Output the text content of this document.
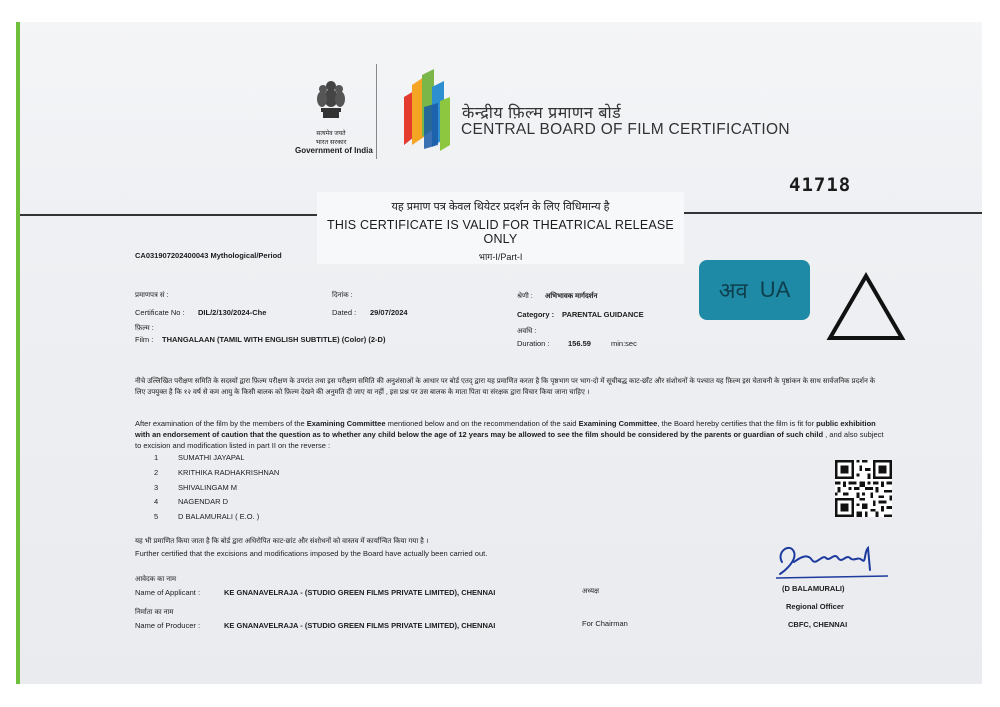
सत्यमेव जयते
भारत सरकार
Government of India
केन्द्रीय फ़िल्म प्रमाणन बोर्ड
CENTRAL BOARD OF FILM CERTIFICATION
41718
यह प्रमाण पत्र केवल थियेटर प्रदर्शन के लिए विधिमान्य है
THIS CERTIFICATE IS VALID FOR THEATRICAL RELEASE ONLY
भाग-I/Part-I
CA031907202400043 Mythological/Period
प्रमाणपत्र सं :
Certificate No : DIL/2/130/2024-Che
दिनांक :
Dated : 29/07/2024
श्रेणी : अभिभावक मार्गदर्शन
Category : PARENTAL GUIDANCE
फ़िल्म :
Film : THANGALAAN (TAMIL WITH ENGLISH SUBTITLE) (Color) (2-D)
अवधि :
Duration : 156.59	min:sec
अव UA
नीचे उल्लिखित परीक्षण समिति के सदस्यों द्वारा फ़िल्म परीक्षण के उपरांत तथा इस परीक्षण समिति की अनुशंसाओं के आधार पर बोर्ड एतद् द्वारा यह प्रमाणित करता है कि पृष्ठभाग पर भाग-दो में सूचीबद्ध काट-छाँट और संशोधनों के पश्चात यह फ़िल्म इस चेतावनी के पृष्ठांकन के साथ सार्वजनिक प्रदर्शन के लिए उपयुक्त है कि १२ वर्ष से कम आयु के किसी बालक को फ़िल्म देखने की अनुमति दी जाए या नहीं , इस प्रश्न पर उस बालक के माता पिता या संरक्षक द्वारा विचार किया जाना चाहिए ।
After examination of the film by the members of the Examining Committee mentioned below and on the recommendation of the said Examining Committee, the Board hereby certifies that the film is fit for public exhibition with an endorsement of caution that the question as to whether any child below the age of 12 years may be allowed to see the film should be considered by the parents or guardian of such child , and also subject to excision and modification listed in part II on the reverse :
1	SUMATHI JAYAPAL
2	KRITHIKA RADHAKRISHNAN
3	SHIVALINGAM M
4	NAGENDAR D
5	D BALAMURALI ( E.O. )
यह भी प्रमाणित किया जाता है कि बोर्ड द्वारा अधिरोपित काट-छांट और संशोधनों को वास्तव में कार्यान्वित किया गया है ।
Further certified that the excisions and modifications imposed by the Board have actually been carried out.
आवेदक का नाम
Name of Applicant :	KE GNANAVELRAJA - (STUDIO GREEN FILMS PRIVATE LIMITED), CHENNAI	अध्यक्ष
निर्माता का नाम
Name of Producer :	KE GNANAVELRAJA - (STUDIO GREEN FILMS PRIVATE LIMITED), CHENNAI	For Chairman
(D BALAMURALI)
Regional Officer
CBFC, CHENNAI
